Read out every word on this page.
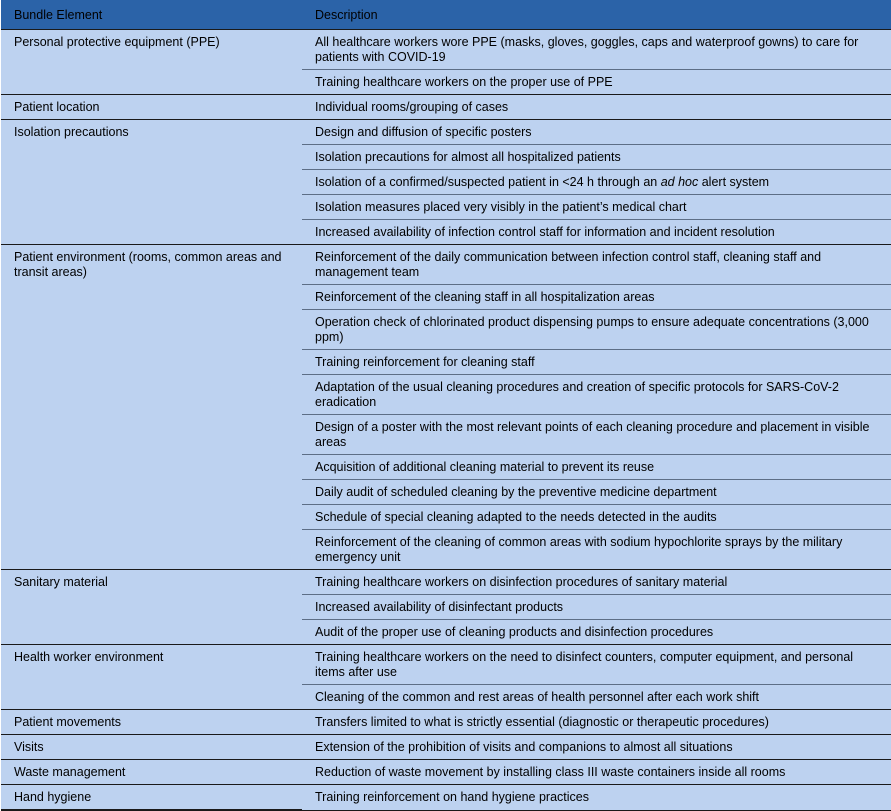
Bundle Element	Description
Personal protective equipment (PPE)	All healthcare workers wore PPE (masks, gloves, goggles, caps and waterproof gowns) to care for patients with COVID-19
	Training healthcare workers on the proper use of PPE
Patient location	Individual rooms/grouping of cases
Isolation precautions	Design and diffusion of specific posters
	Isolation precautions for almost all hospitalized patients
	Isolation of a confirmed/suspected patient in <24 h through an ad hoc alert system
	Isolation measures placed very visibly in the patient’s medical chart
	Increased availability of infection control staff for information and incident resolution
Patient environment (rooms, common areas and transit areas)	Reinforcement of the daily communication between infection control staff, cleaning staff and management team
	Reinforcement of the cleaning staff in all hospitalization areas
	Operation check of chlorinated product dispensing pumps to ensure adequate concentrations (3,000 ppm)
	Training reinforcement for cleaning staff
	Adaptation of the usual cleaning procedures and creation of specific protocols for SARS-CoV-2 eradication
	Design of a poster with the most relevant points of each cleaning procedure and placement in visible areas
	Acquisition of additional cleaning material to prevent its reuse
	Daily audit of scheduled cleaning by the preventive medicine department
	Schedule of special cleaning adapted to the needs detected in the audits
	Reinforcement of the cleaning of common areas with sodium hypochlorite sprays by the military emergency unit
Sanitary material	Training healthcare workers on disinfection procedures of sanitary material
	Increased availability of disinfectant products
	Audit of the proper use of cleaning products and disinfection procedures
Health worker environment	Training healthcare workers on the need to disinfect counters, computer equipment, and personal items after use
	Cleaning of the common and rest areas of health personnel after each work shift
Patient movements	Transfers limited to what is strictly essential (diagnostic or therapeutic procedures)
Visits	Extension of the prohibition of visits and companions to almost all situations
Waste management	Reduction of waste movement by installing class III waste containers inside all rooms
Hand hygiene	Training reinforcement on hand hygiene practices
